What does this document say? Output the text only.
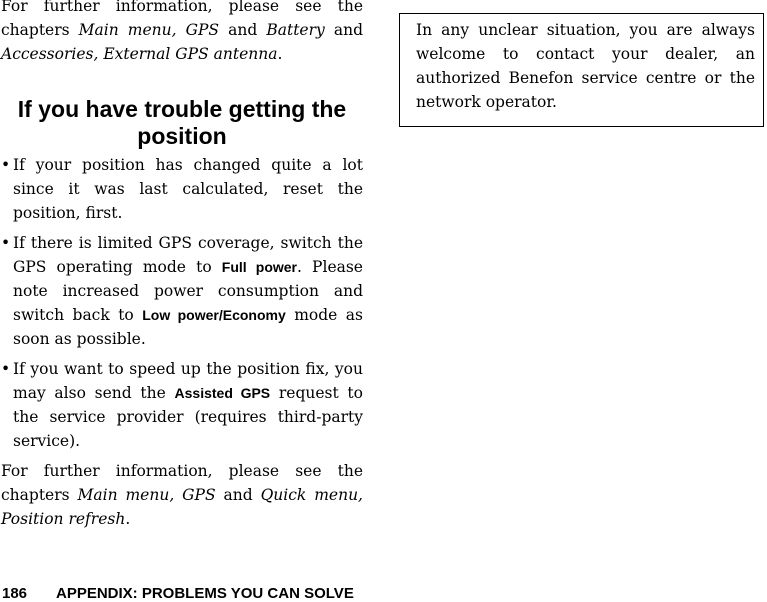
For further information, please see the chapters Main menu, GPS and Battery and Accessories, External GPS antenna.

If you have trouble getting the position
• If your position has changed quite a lot since it was last calculated, reset the position, first.
• If there is limited GPS coverage, switch the GPS operating mode to Full power. Please note increased power consumption and switch back to Low power/Economy mode as soon as possible.
• If you want to speed up the position fix, you may also send the Assisted GPS request to the service provider (requires third-party service).

For further information, please see the chapters Main menu, GPS and Quick menu, Position refresh.

In any unclear situation, you are always welcome to contact your dealer, an authorized Benefon service centre or the network operator.

186 APPENDIX: PROBLEMS YOU CAN SOLVE
